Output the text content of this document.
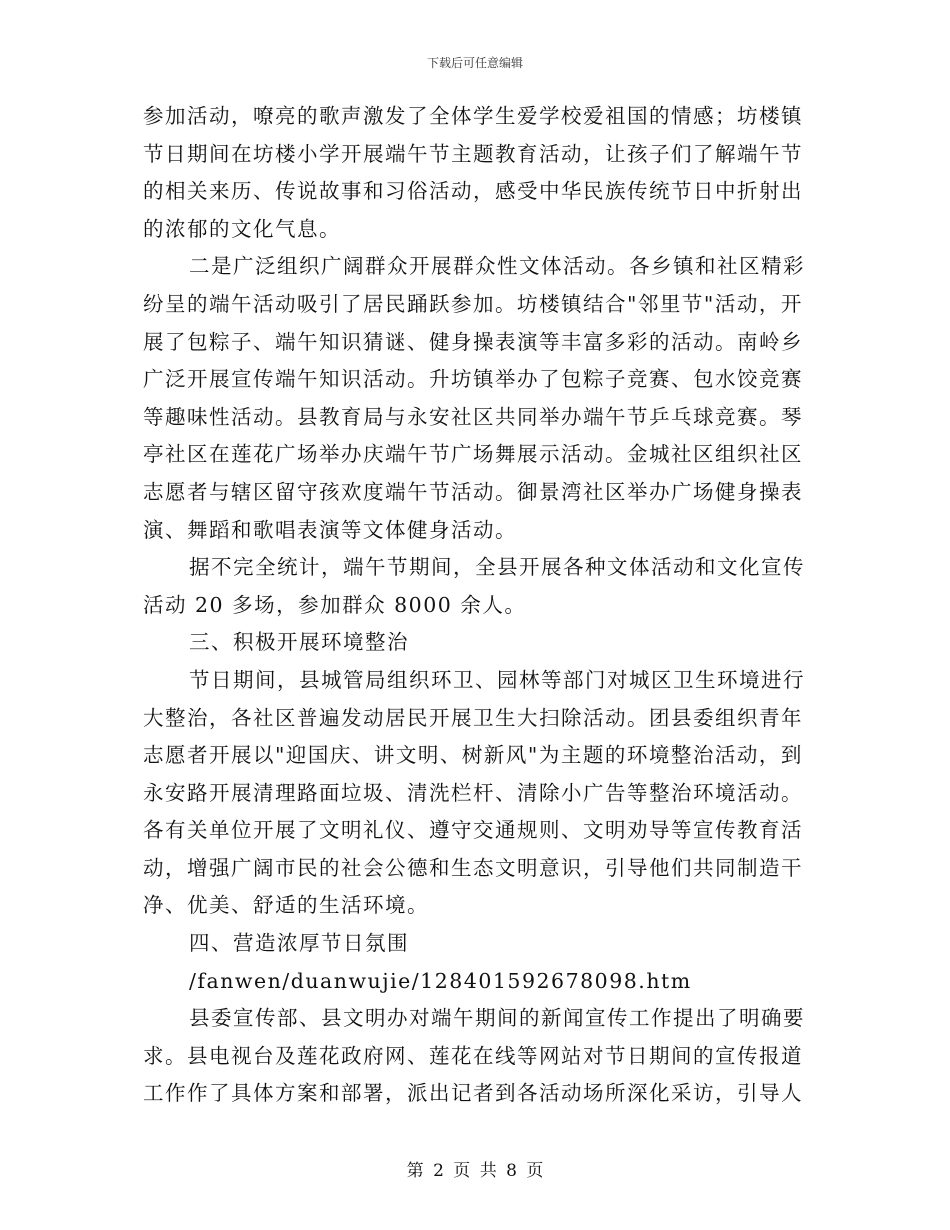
下载后可任意编辑
参加活动，嘹亮的歌声激发了全体学生爱学校爱祖国的情感；坊楼镇
节日期间在坊楼小学开展端午节主题教育活动，让孩子们了解端午节
的相关来历、传说故事和习俗活动，感受中华民族传统节日中折射出
的浓郁的文化气息。
二是广泛组织广阔群众开展群众性文体活动。各乡镇和社区精彩
纷呈的端午活动吸引了居民踊跃参加。坊楼镇结合"邻里节"活动，开
展了包粽子、端午知识猜谜、健身操表演等丰富多彩的活动。南岭乡
广泛开展宣传端午知识活动。升坊镇举办了包粽子竞赛、包水饺竞赛
等趣味性活动。县教育局与永安社区共同举办端午节乒乓球竞赛。琴
亭社区在莲花广场举办庆端午节广场舞展示活动。金城社区组织社区
志愿者与辖区留守孩欢度端午节活动。御景湾社区举办广场健身操表
演、舞蹈和歌唱表演等文体健身活动。
据不完全统计，端午节期间，全县开展各种文体活动和文化宣传
活动 20 多场，参加群众 8000 余人。
三、积极开展环境整治
节日期间，县城管局组织环卫、园林等部门对城区卫生环境进行
大整治，各社区普遍发动居民开展卫生大扫除活动。团县委组织青年
志愿者开展以"迎国庆、讲文明、树新风"为主题的环境整治活动，到
永安路开展清理路面垃圾、清洗栏杆、清除小广告等整治环境活动。
各有关单位开展了文明礼仪、遵守交通规则、文明劝导等宣传教育活
动，增强广阔市民的社会公德和生态文明意识，引导他们共同制造干
净、优美、舒适的生活环境。
四、营造浓厚节日氛围
/fanwen/duanwujie/128401592678098.htm
县委宣传部、县文明办对端午期间的新闻宣传工作提出了明确要
求。县电视台及莲花政府网、莲花在线等网站对节日期间的宣传报道
工作作了具体方案和部署，派出记者到各活动场所深化采访，引导人
第 2 页 共 8 页
